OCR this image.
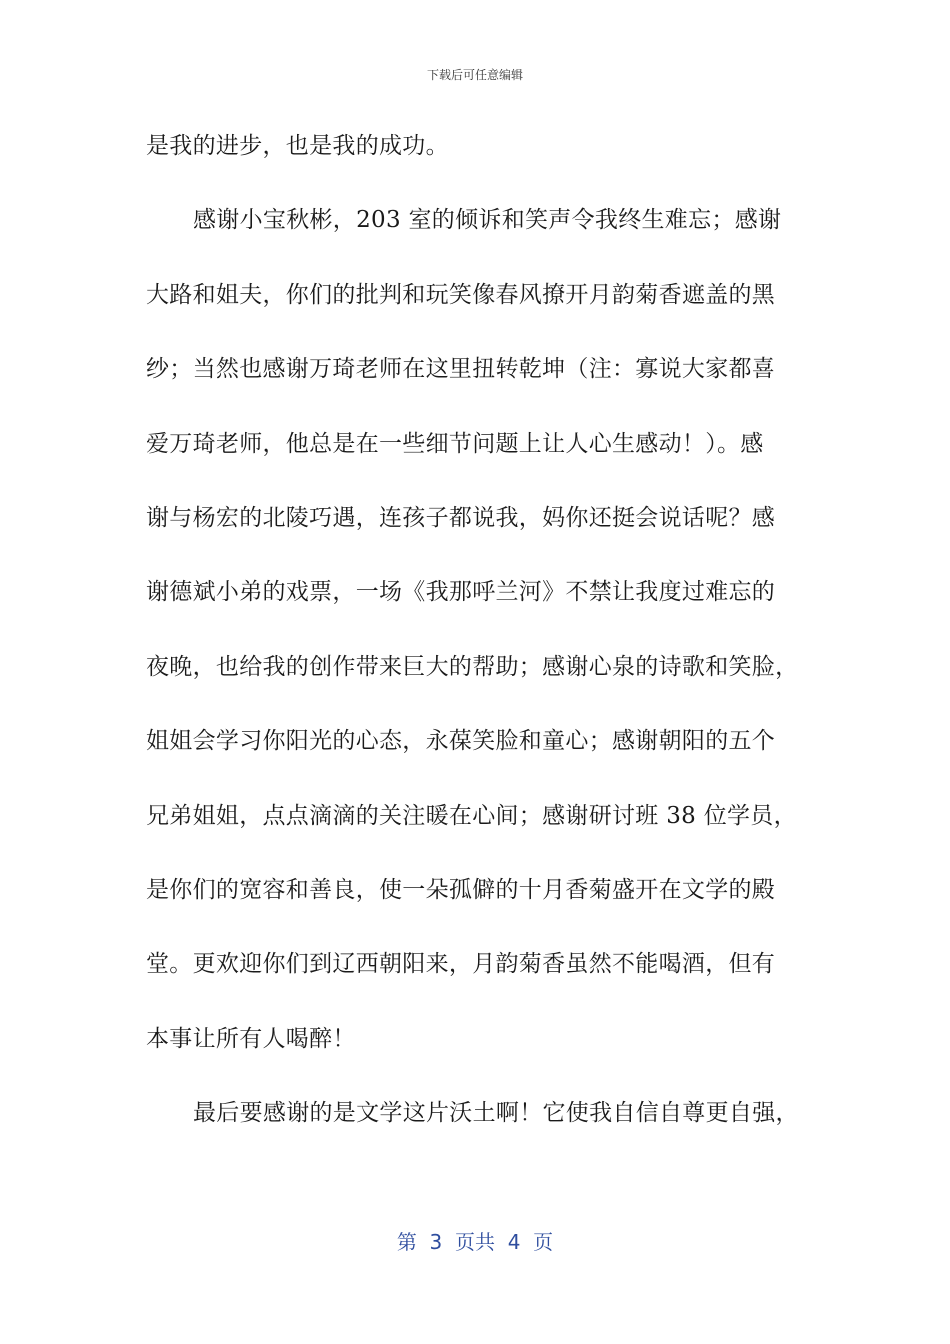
下载后可任意编辑
是我的进步，也是我的成功。
感谢小宝秋彬，203 室的倾诉和笑声令我终生难忘；感谢
大路和姐夫，你们的批判和玩笑像春风撩开月韵菊香遮盖的黑
纱；当然也感谢万琦老师在这里扭转乾坤（注：寡说大家都喜
爱万琦老师，他总是在一些细节问题上让人心生感动！）。感
谢与杨宏的北陵巧遇，连孩子都说我，妈你还挺会说话呢？感
谢德斌小弟的戏票，一场《我那呼兰河》不禁让我度过难忘的
夜晚，也给我的创作带来巨大的帮助；感谢心泉的诗歌和笑脸，
姐姐会学习你阳光的心态，永葆笑脸和童心；感谢朝阳的五个
兄弟姐姐，点点滴滴的关注暖在心间；感谢研讨班 38 位学员，
是你们的宽容和善良，使一朵孤僻的十月香菊盛开在文学的殿
堂。更欢迎你们到辽西朝阳来，月韵菊香虽然不能喝酒，但有
本事让所有人喝醉！
最后要感谢的是文学这片沃土啊！它使我自信自尊更自强，
第  3  页共  4  页
